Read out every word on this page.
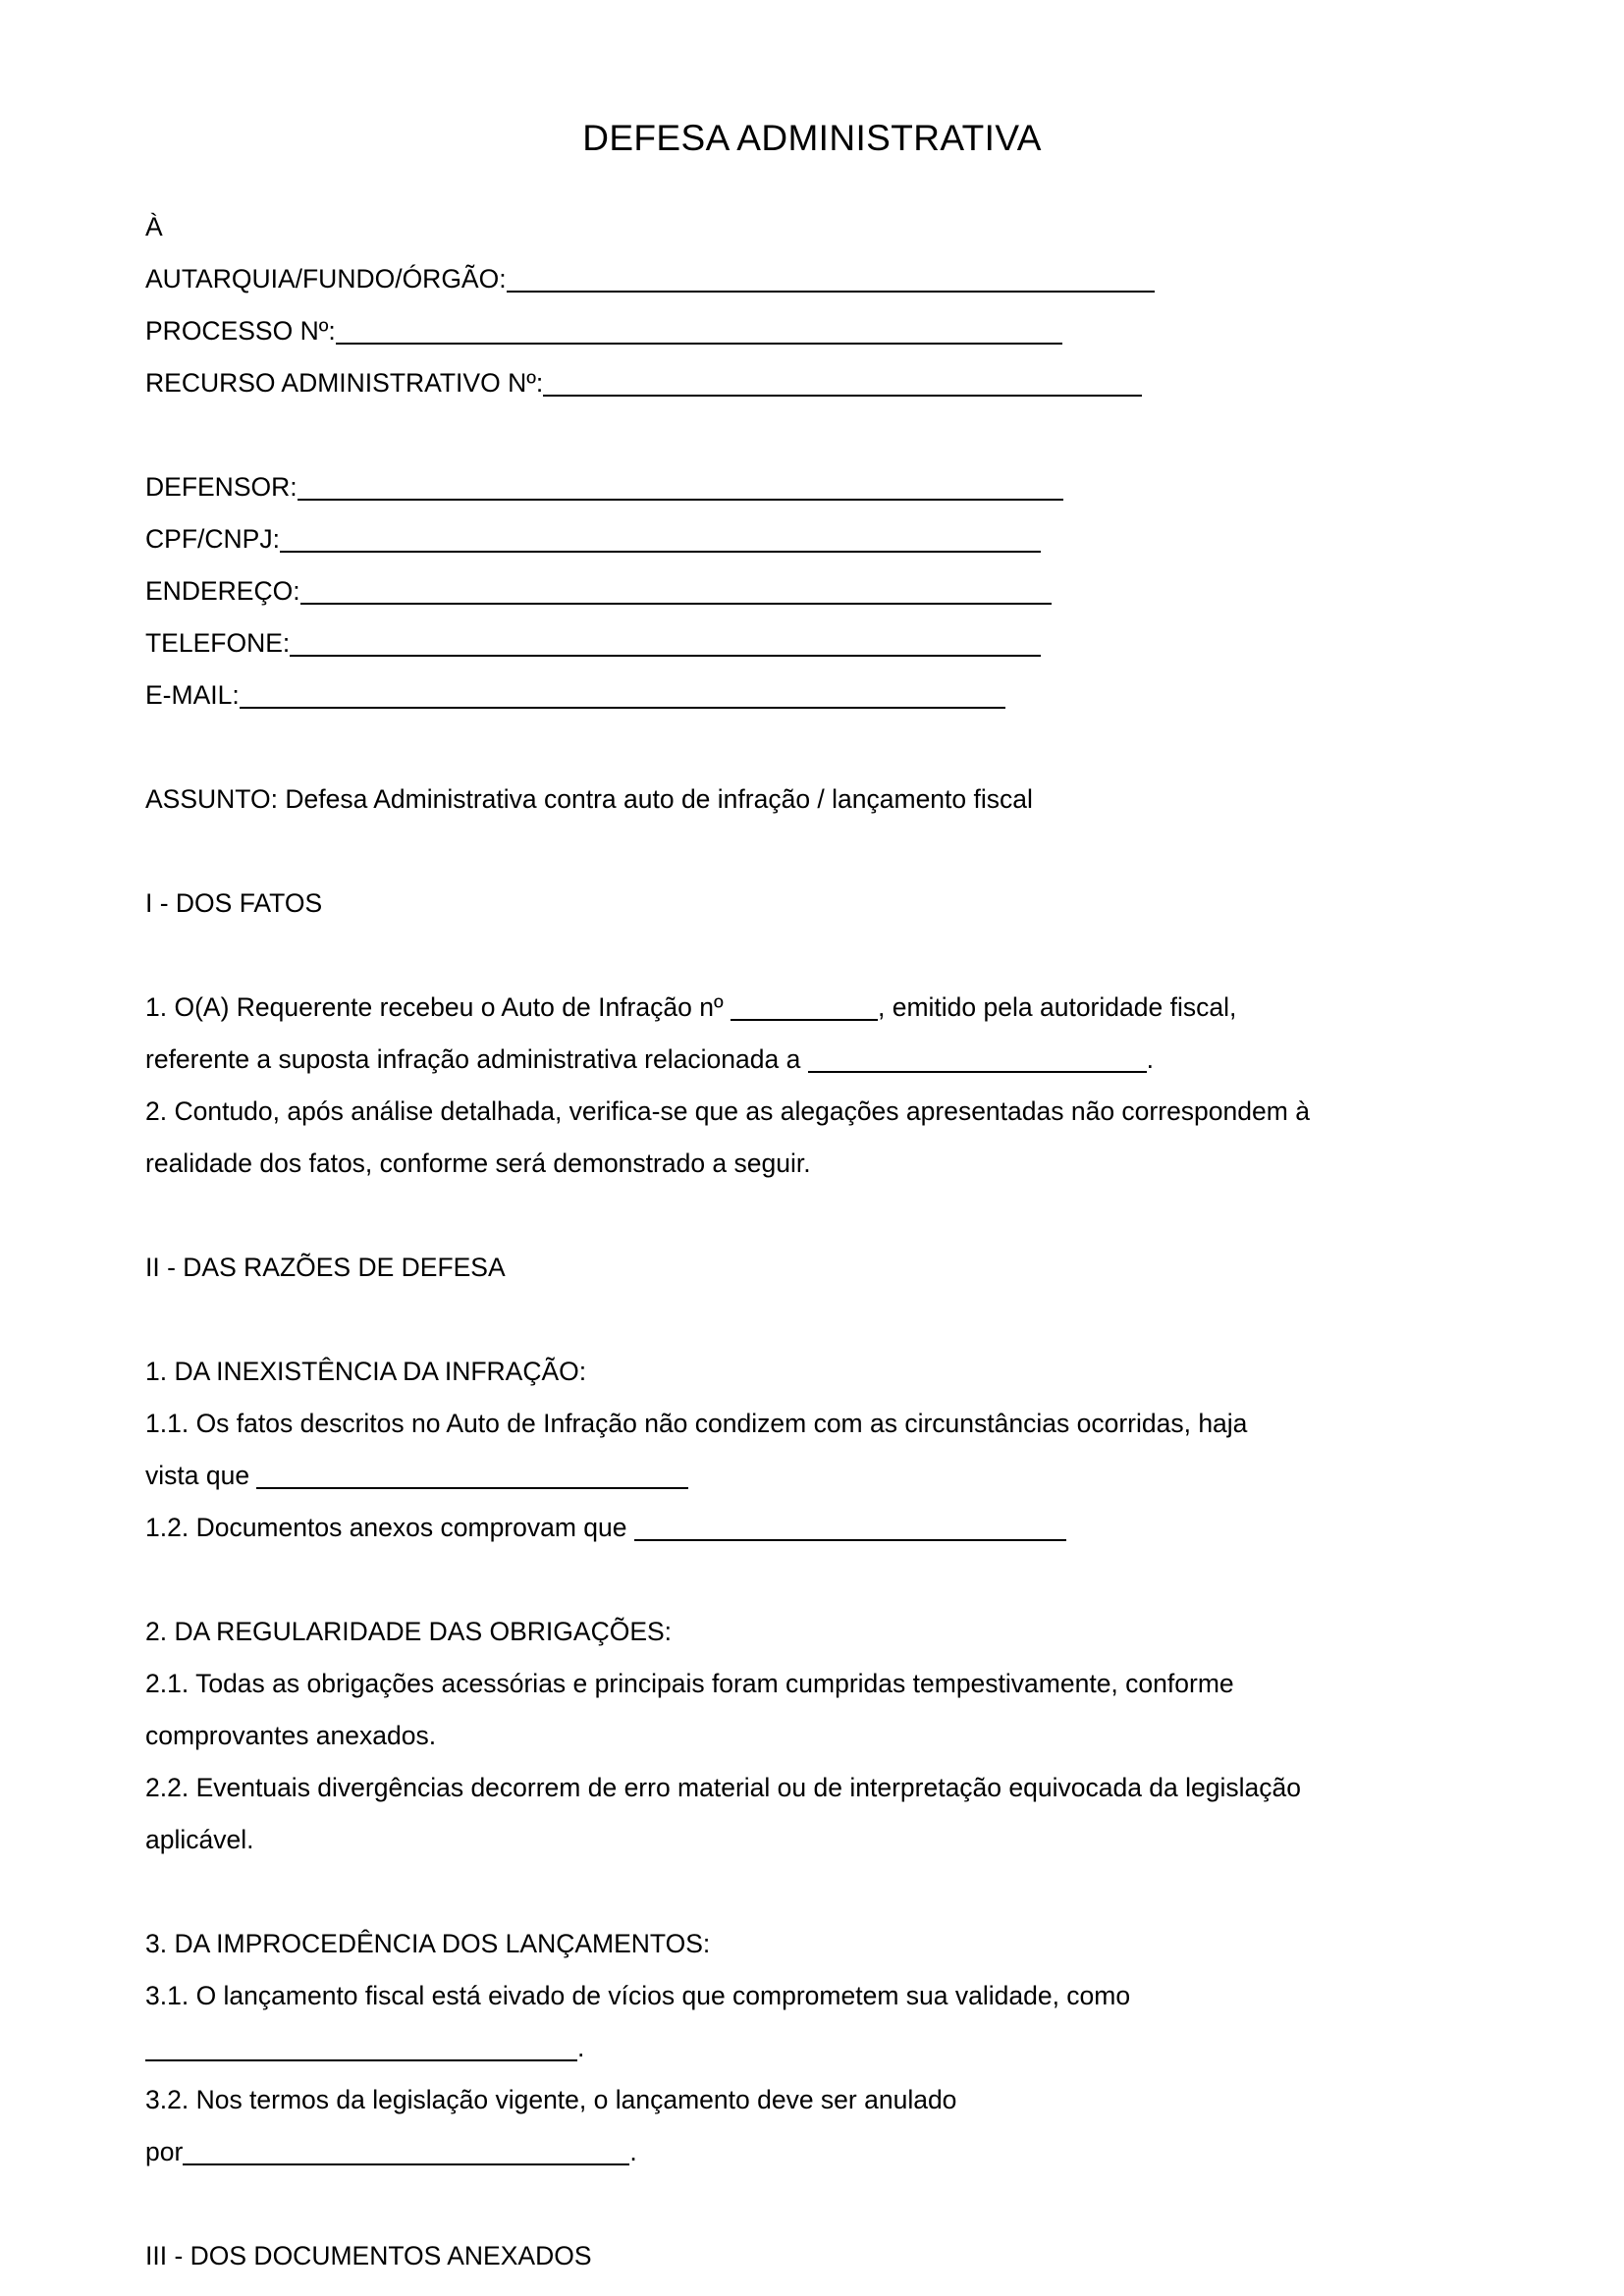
DEFESA ADMINISTRATIVA
À
AUTARQUIA/FUNDO/ÓRGÃO:
PROCESSO Nº:
RECURSO ADMINISTRATIVO Nº:
DEFENSOR:
CPF/CNPJ:
ENDEREÇO:
TELEFONE:
E-MAIL:
ASSUNTO: Defesa Administrativa contra auto de infração / lançamento fiscal
I - DOS FATOS
1. O(A) Requerente recebeu o Auto de Infração nº	, emitido pela autoridade fiscal,
referente a suposta infração administrativa relacionada a	.
2. Contudo, após análise detalhada, verifica-se que as alegações apresentadas não correspondem à realidade dos fatos, conforme será demonstrado a seguir.
II - DAS RAZÕES DE DEFESA
1. DA INEXISTÊNCIA DA INFRAÇÃO:
1.1. Os fatos descritos no Auto de Infração não condizem com as circunstâncias ocorridas, haja
vista que
1.2. Documentos anexos comprovam que
2. DA REGULARIDADE DAS OBRIGAÇÕES:
2.1. Todas as obrigações acessórias e principais foram cumpridas tempestivamente, conforme comprovantes anexados.
2.2. Eventuais divergências decorrem de erro material ou de interpretação equivocada da legislação aplicável.
3. DA IMPROCEDÊNCIA DOS LANÇAMENTOS:
3.1. O lançamento fiscal está eivado de vícios que comprometem sua validade, como
.
3.2. Nos termos da legislação vigente, o lançamento deve ser anulado
por	.
III - DOS DOCUMENTOS ANEXADOS
